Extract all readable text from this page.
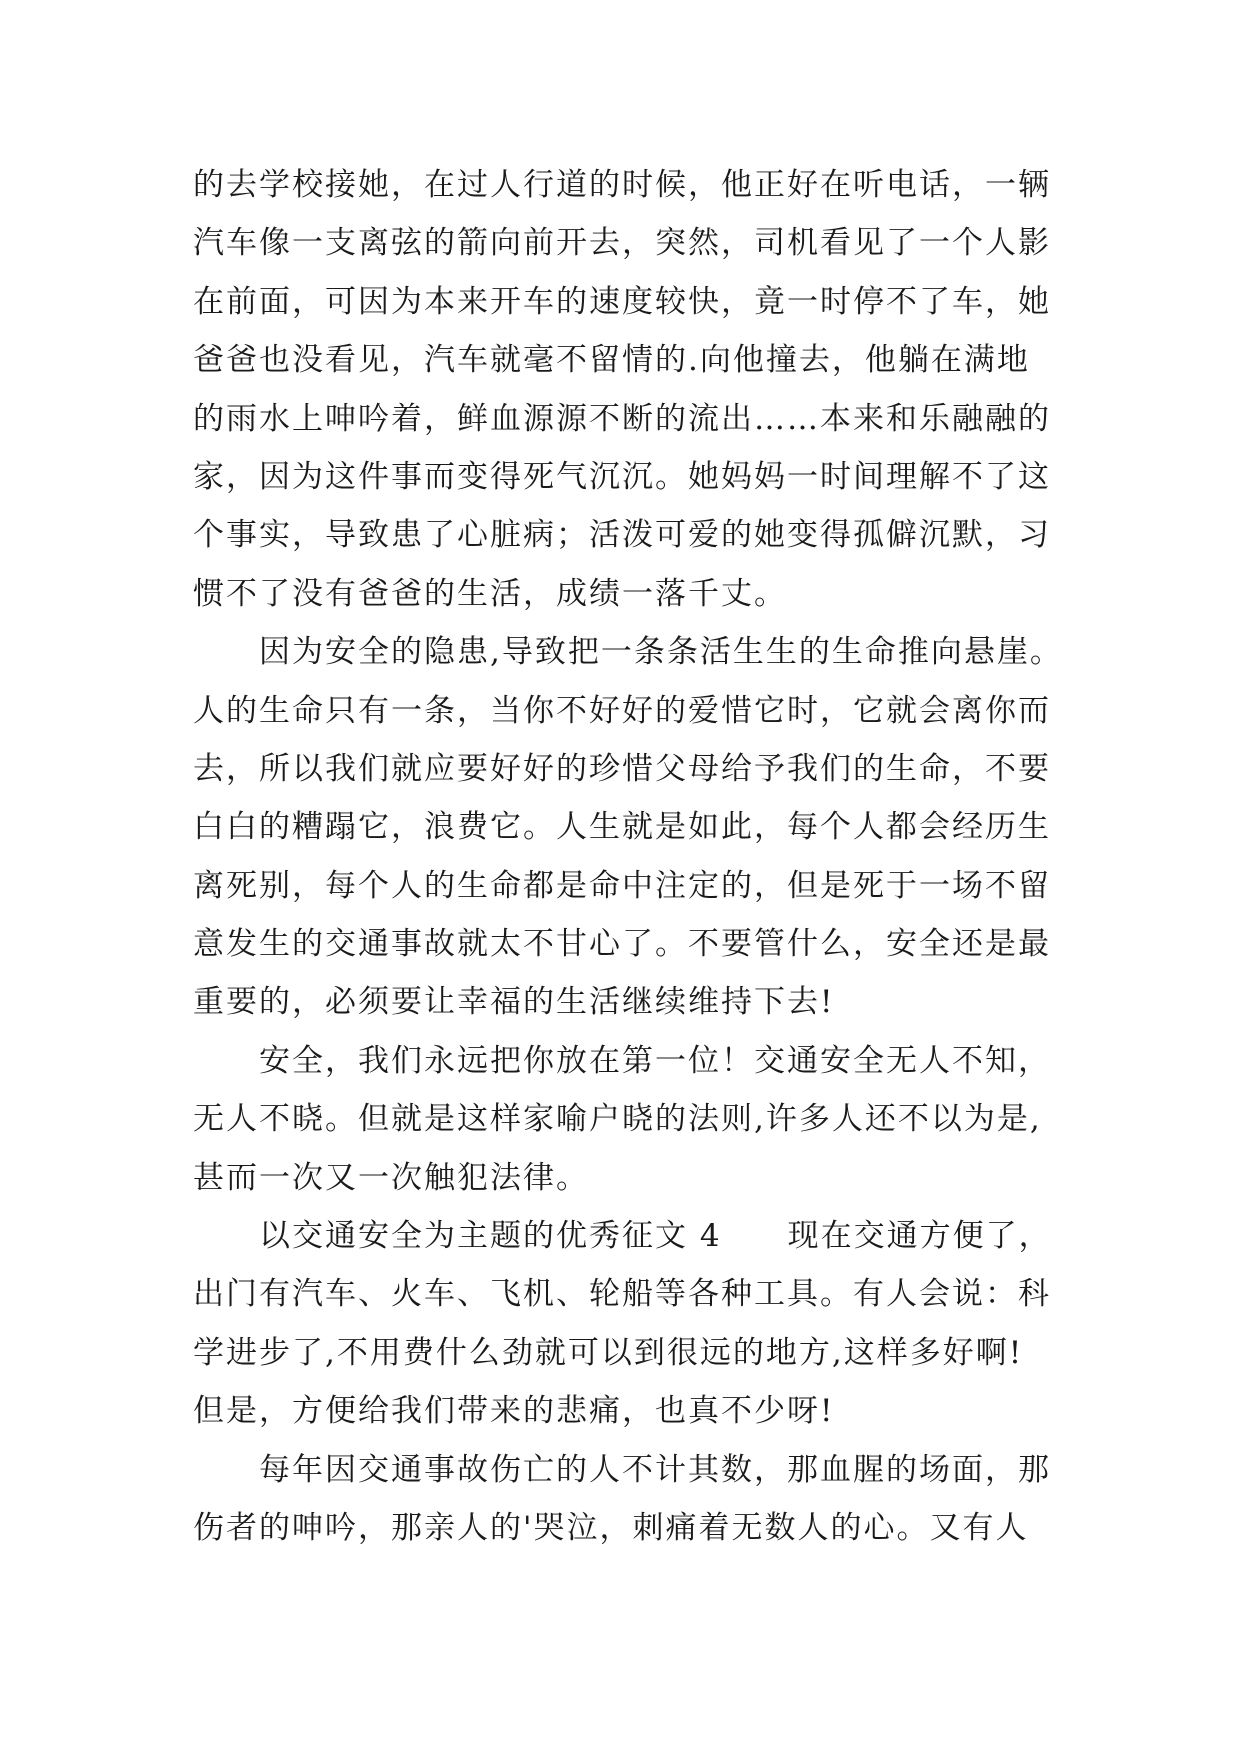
的去学校接她，在过人行道的时候，他正好在听电话，一辆
汽车像一支离弦的箭向前开去，突然，司机看见了一个人影
在前面，可因为本来开车的速度较快，竟一时停不了车，她
爸爸也没看见，汽车就毫不留情的.向他撞去，他躺在满地
的雨水上呻吟着，鲜血源源不断的流出……本来和乐融融的
家，因为这件事而变得死气沉沉。她妈妈一时间理解不了这
个事实，导致患了心脏病；活泼可爱的她变得孤僻沉默，习
惯不了没有爸爸的生活，成绩一落千丈。
因为安全的隐患,导致把一条条活生生的生命推向悬崖。
人的生命只有一条，当你不好好的爱惜它时，它就会离你而
去，所以我们就应要好好的珍惜父母给予我们的生命，不要
白白的糟蹋它，浪费它。人生就是如此，每个人都会经历生
离死别，每个人的生命都是命中注定的，但是死于一场不留
意发生的交通事故就太不甘心了。不要管什么，安全还是最
重要的，必须要让幸福的生活继续维持下去!
安全，我们永远把你放在第一位！交通安全无人不知，
无人不晓。但就是这样家喻户晓的法则,许多人还不以为是,
甚而一次又一次触犯法律。
以交通安全为主题的优秀征文 4　　现在交通方便了，
出门有汽车、火车、飞机、轮船等各种工具。有人会说：科
学进步了,不用费什么劲就可以到很远的地方,这样多好啊!
但是，方便给我们带来的悲痛，也真不少呀!
每年因交通事故伤亡的人不计其数，那血腥的场面，那
伤者的呻吟，那亲人的'哭泣，刺痛着无数人的心。又有人
